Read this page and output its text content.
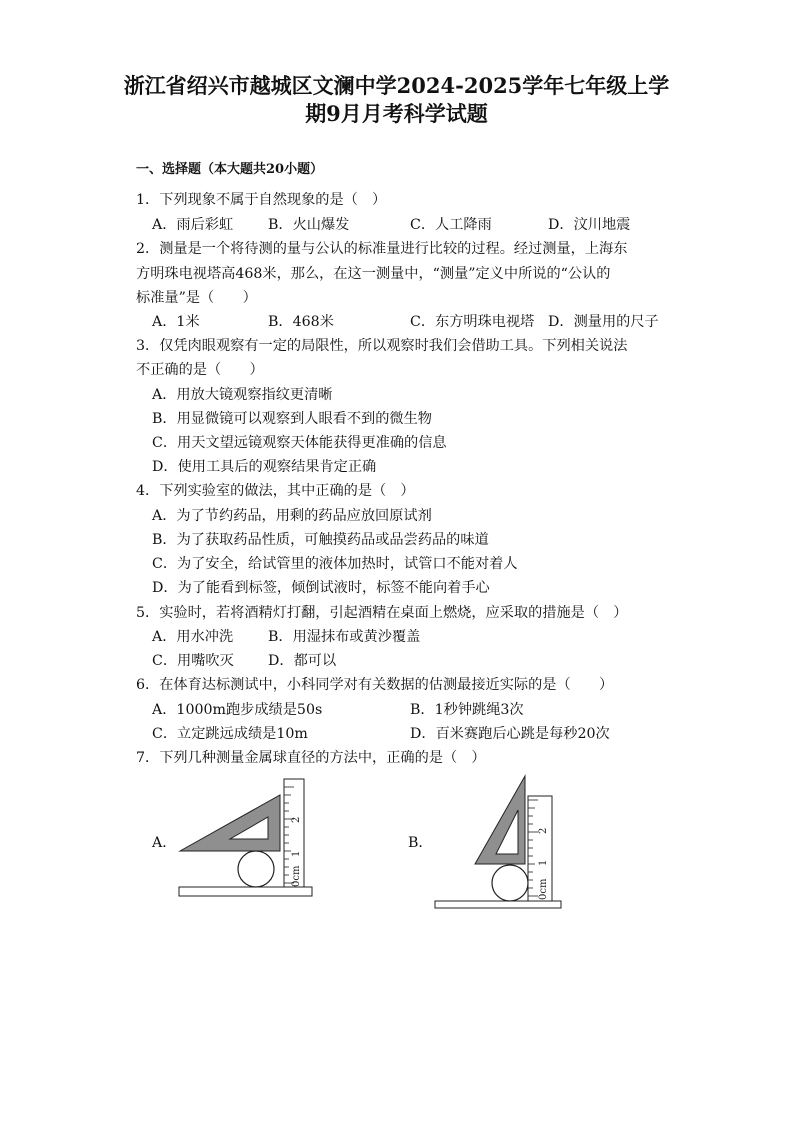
浙江省绍兴市越城区文澜中学2024-2025学年七年级上学
期9月月考科学试题
一、选择题（本大题共20小题）
1．下列现象不属于自然现象的是（　）
A．雨后彩虹 B．火山爆发	C．人工降雨	D．汶川地震
2．测量是一个将待测的量与公认的标准量进行比较的过程。经过测量，上海东
方明珠电视塔高468米，那么，在这一测量中，“测量”定义中所说的“公认的
标准量”是（　　）
A．1米	B．468米	C．东方明珠电视塔 D．测量用的尺子
3．仅凭肉眼观察有一定的局限性，所以观察时我们会借助工具。下列相关说法
不正确的是（　　）
A．用放大镜观察指纹更清晰
B．用显微镜可以观察到人眼看不到的微生物
C．用天文望远镜观察天体能获得更准确的信息
D．使用工具后的观察结果肯定正确
4．下列实验室的做法，其中正确的是（　）
A．为了节约药品，用剩的药品应放回原试剂
B．为了获取药品性质，可触摸药品或品尝药品的味道
C．为了安全，给试管里的液体加热时，试管口不能对着人
D．为了能看到标签，倾倒试液时，标签不能向着手心
5．实验时，若将酒精灯打翻，引起酒精在桌面上燃烧，应采取的措施是（　）
A．用水冲洗 B．用湿抹布或黄沙覆盖
C．用嘴吹灭 D．都可以
6．在体育达标测试中，小科同学对有关数据的估测最接近实际的是（　　）
A．1000m跑步成绩是50s	B．1秒钟跳绳3次
C．立定跳远成绩是10m	D．百米赛跑后心跳是每秒20次
7．下列几种测量金属球直径的方法中，正确的是（　）
A．	B．
0cm
1
2
0cm
1
2
